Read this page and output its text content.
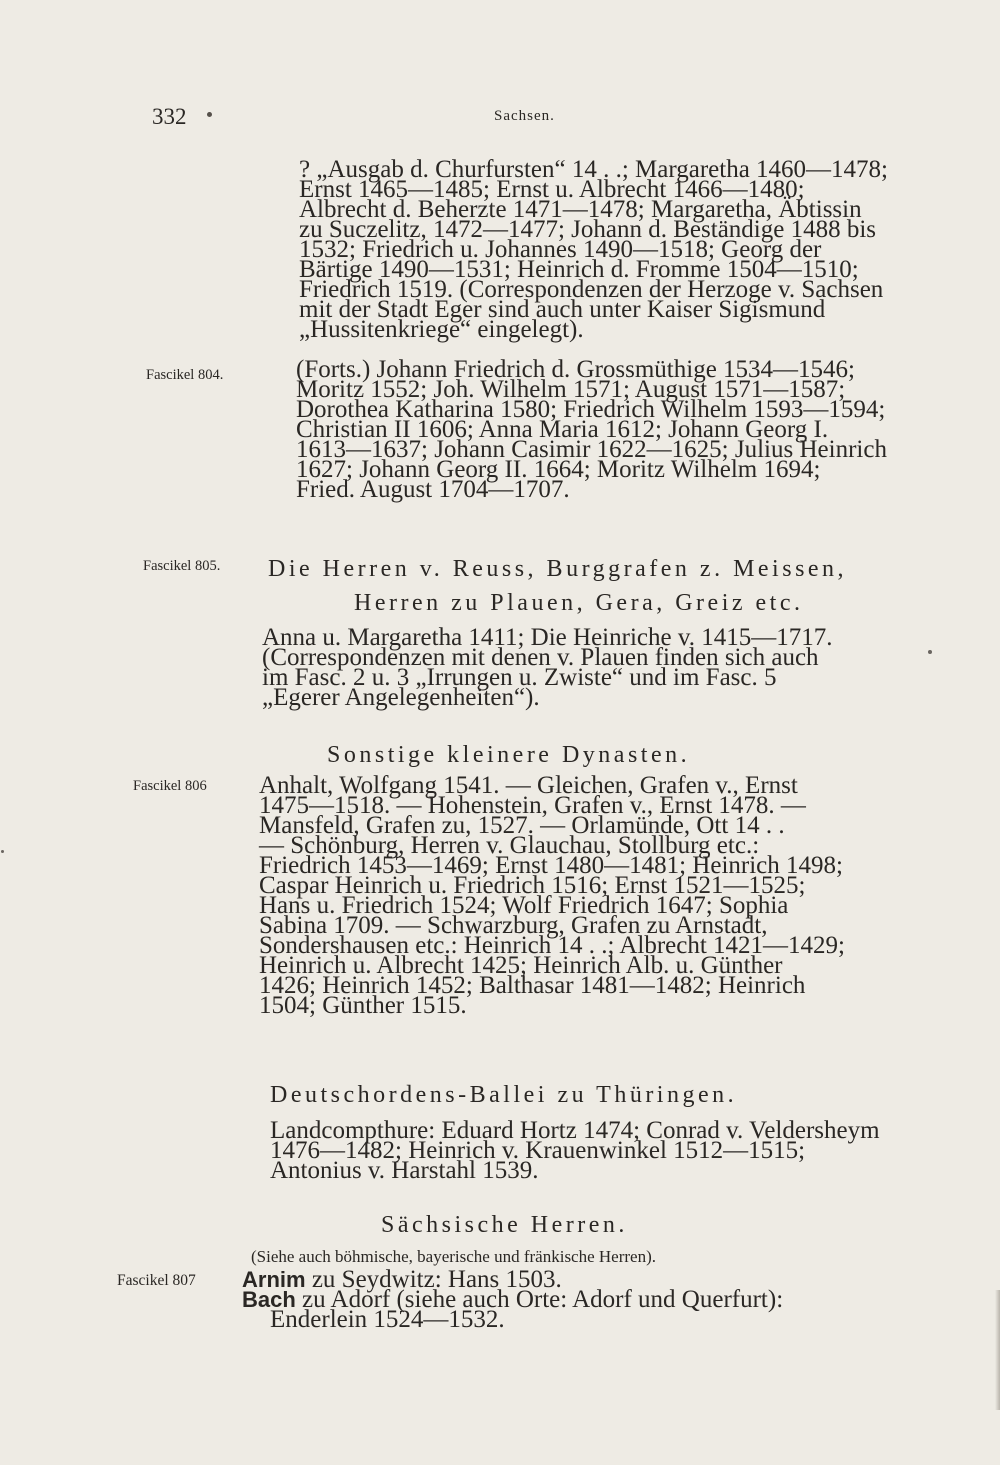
332	Sachsen.
? „Ausgab d. Churfursten“ 14 . .; Margaretha 1460—1478;
Ernst 1465—1485; Ernst u. Albrecht 1466—1480;
Albrecht d. Beherzte 1471—1478; Margaretha, Äbtissin
zu Suczelitz, 1472—1477; Johann d. Beständige 1488 bis
1532; Friedrich u. Johannes 1490—1518; Georg der
Bärtige 1490—1531; Heinrich d. Fromme 1504—1510;
Friedrich 1519. (Correspondenzen der Herzoge v. Sachsen
mit der Stadt Eger sind auch unter Kaiser Sigismund
„Hussitenkriege“ eingelegt).
Fascikel 804.	(Forts.) Johann Friedrich d. Grossmüthige 1534—1546;
Moritz 1552; Joh. Wilhelm 1571; August 1571—1587;
Dorothea Katharina 1580; Friedrich Wilhelm 1593—1594;
Christian II 1606; Anna Maria 1612; Johann Georg I.
1613—1637; Johann Casimir 1622—1625; Julius Heinrich
1627; Johann Georg II. 1664; Moritz Wilhelm 1694;
Fried. August 1704—1707.
Fascikel 805. Die Herren v. Reuss, Burggrafen z. Meissen,
Herren zu Plauen, Gera, Greiz etc.
Anna u. Margaretha 1411; Die Heinriche v. 1415—1717.
(Correspondenzen mit denen v. Plauen finden sich auch
im Fasc. 2 u. 3 „Irrungen u. Zwiste“ und im Fasc. 5
„Egerer Angelegenheiten“).
Sonstige kleinere Dynasten.
Fascikel 806 Anhalt, Wolfgang 1541. — Gleichen, Grafen v., Ernst
1475—1518. — Hohenstein, Grafen v., Ernst 1478. —
Mansfeld, Grafen zu, 1527. — Orlamünde, Ott 14 . .
— Schönburg, Herren v. Glauchau, Stollburg etc.:
Friedrich 1453—1469; Ernst 1480—1481; Heinrich 1498;
Caspar Heinrich u. Friedrich 1516; Ernst 1521—1525;
Hans u. Friedrich 1524; Wolf Friedrich 1647; Sophia
Sabina 1709. — Schwarzburg, Grafen zu Arnstadt,
Sondershausen etc.: Heinrich 14 . .; Albrecht 1421—1429;
Heinrich u. Albrecht 1425; Heinrich Alb. u. Günther
1426; Heinrich 1452; Balthasar 1481—1482; Heinrich
1504; Günther 1515.
Deutschordens-Ballei zu Thüringen.
Landcompthure: Eduard Hortz 1474; Conrad v. Veldersheym
1476—1482; Heinrich v. Krauenwinkel 1512—1515;
Antonius v. Harstahl 1539.
Sächsische Herren.
(Siehe auch böhmische, bayerische und fränkische Herren).
Fascikel 807 Arnim zu Seydwitz: Hans 1503.
Bach zu Adorf (siehe auch Orte: Adorf und Querfurt):
Enderlein 1524—1532.
